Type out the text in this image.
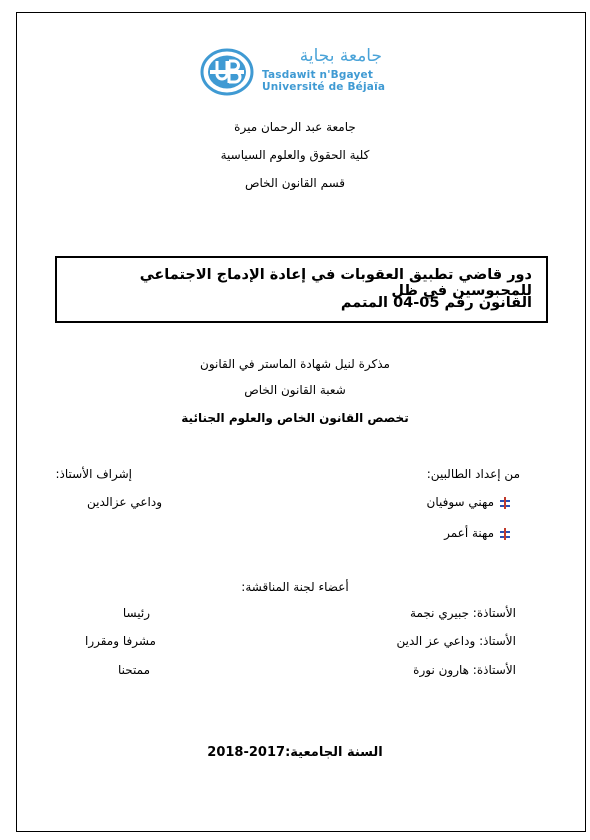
جامعة بجاية
Tasdawit n'Bgayet
Université de Béjaïa
جامعة عبد الرحمان ميرة
كلية الحقوق والعلوم السياسية
قسم القانون الخاص
دور قاضي تطبيق العقوبات في إعادة الإدماج الاجتماعي للمحبوسين في ظل
القانون رقم 05-04 المتمم
مذكرة لنيل شهادة الماستر في القانون
شعبة القانون الخاص
تخصص القانون الخاص والعلوم الجنائية
من إعداد الطالبين:
مهني سوفيان
مهنة أعمر
إشراف الأستاذ:
وداعي عزالدين
أعضاء لجنة المناقشة:
الأستاذة: جبيري نجمة
رئيسا
الأستاذ: وداعي عز الدين
مشرفا ومقررا
الأستاذة: هارون نورة
ممتحنا
السنة الجامعية:2017-2018
